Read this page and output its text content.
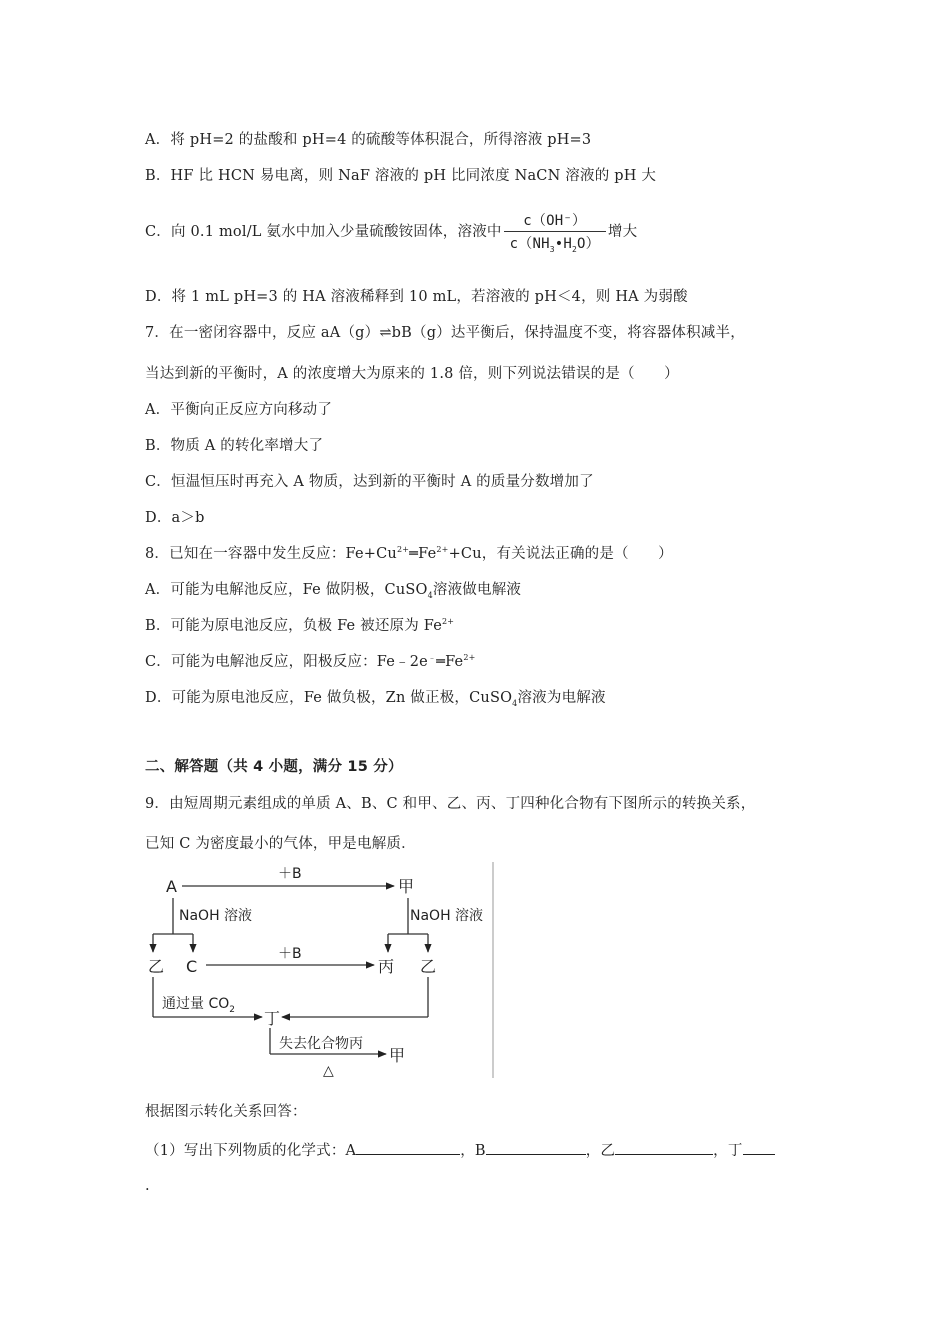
A．将 pH=2 的盐酸和 pH=4 的硫酸等体积混合，所得溶液 pH=3
B．HF 比 HCN 易电离，则 NaF 溶液的 pH 比同浓度 NaCN 溶液的 pH 大
C．向 0.1 mol/L 氨水中加入少量硫酸铵固体，溶液中 $\frac{c(OH^-)}{c(NH_3•H_2O)}$ 增大
D．将 1 mL pH=3 的 HA 溶液稀释到 10 mL，若溶液的 pH＜4，则 HA 为弱酸
7．在一密闭容器中，反应 aA（g）⇌bB（g）达平衡后，保持温度不变，将容器体积减半，
当达到新的平衡时，A 的浓度增大为原来的 1.8 倍，则下列说法错误的是（　　）
A．平衡向正反应方向移动了
B．物质 A 的转化率增大了
C．恒温恒压时再充入 A 物质，达到新的平衡时 A 的质量分数增加了
D．a＞b
8．已知在一容器中发生反应：$Fe+Cu^{2+}═Fe^{2+}+Cu$，有关说法正确的是（　　）
A．可能为电解池反应，Fe 做阴极，CuSO$_4$溶液做电解液
B．可能为原电池反应，负极 Fe 被还原为 $Fe^{2+}$
C．可能为电解池反应，阳极反应：$Fe﹣2e^﹣═Fe^{2+}$
D．可能为原电池反应，Fe 做负极，Zn 做正极，CuSO$_4$溶液为电解液
二、解答题（共 4 小题，满分 15 分）
9．由短周期元素组成的单质 A、B、C 和甲、乙、丙、丁四种化合物有下图所示的转换关系，
已知 C 为密度最小的气体，甲是电解质．
A	甲
乙 C	丙 乙
丁
甲
＋B
NaOH 溶液	NaOH 溶液
＋B
通过量 $CO_2$
失去化合物丙
△
根据图示转化关系回答：
（1）写出下列物质的化学式：A	，B	，乙	，丁
.
